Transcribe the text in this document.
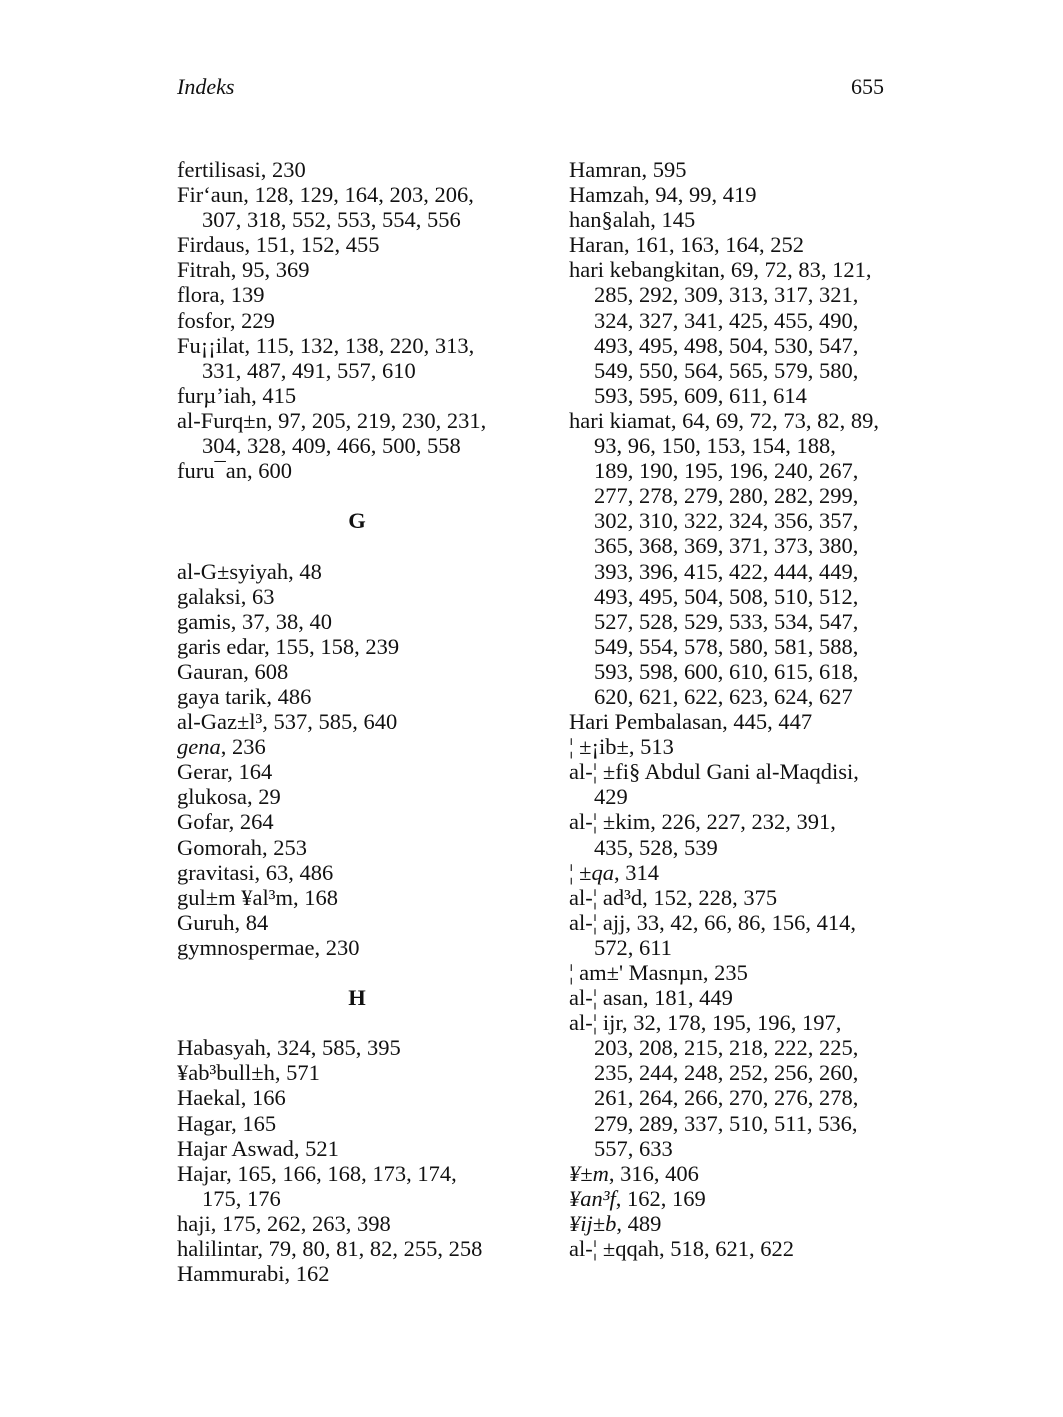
Indeks	655
fertilisasi, 230
Fir‘aun, 128, 129, 164, 203, 206,
307, 318, 552, 553, 554, 556
Firdaus, 151, 152, 455
Fitrah, 95, 369
flora, 139
fosfor, 229
Fu¡¡ilat, 115, 132, 138, 220, 313,
331, 487, 491, 557, 610
furµ’iah, 415
al-Furq±n, 97, 205, 219, 230, 231,
304, 328, 409, 466, 500, 558
furu¯an, 600
G
al-G±syiyah, 48
galaksi, 63
gamis, 37, 38, 40
garis edar, 155, 158, 239
Gauran, 608
gaya tarik, 486
al-Gaz±l³, 537, 585, 640
gena, 236
Gerar, 164
glukosa, 29
Gofar, 264
Gomorah, 253
gravitasi, 63, 486
gul±m ¥al³m, 168
Guruh, 84
gymnospermae, 230
H
Habasyah, 324, 585, 395
¥ab³bull±h, 571
Haekal, 166
Hagar, 165
Hajar Aswad, 521
Hajar, 165, 166, 168, 173, 174,
175, 176
haji, 175, 262, 263, 398
halilintar, 79, 80, 81, 82, 255, 258
Hammurabi, 162
Hamran, 595
Hamzah, 94, 99, 419
han§alah, 145
Haran, 161, 163, 164, 252
hari kebangkitan, 69, 72, 83, 121,
285, 292, 309, 313, 317, 321,
324, 327, 341, 425, 455, 490,
493, 495, 498, 504, 530, 547,
549, 550, 564, 565, 579, 580,
593, 595, 609, 611, 614
hari kiamat, 64, 69, 72, 73, 82, 89,
93, 96, 150, 153, 154, 188,
189, 190, 195, 196, 240, 267,
277, 278, 279, 280, 282, 299,
302, 310, 322, 324, 356, 357,
365, 368, 369, 371, 373, 380,
393, 396, 415, 422, 444, 449,
493, 495, 504, 508, 510, 512,
527, 528, 529, 533, 534, 547,
549, 554, 578, 580, 581, 588,
593, 598, 600, 610, 615, 618,
620, 621, 622, 623, 624, 627
Hari Pembalasan, 445, 447
¦ ±¡ib±, 513
al-¦ ±fi§ Abdul Gani al-Maqdisi,
429
al-¦ ±kim, 226, 227, 232, 391,
435, 528, 539
¦ ±qa, 314
al-¦ ad³d, 152, 228, 375
al-¦ ajj, 33, 42, 66, 86, 156, 414,
572, 611
¦ am±' Masnµn, 235
al-¦ asan, 181, 449
al-¦ ijr, 32, 178, 195, 196, 197,
203, 208, 215, 218, 222, 225,
235, 244, 248, 252, 256, 260,
261, 264, 266, 270, 276, 278,
279, 289, 337, 510, 511, 536,
557, 633
¥±m, 316, 406
¥an³f, 162, 169
¥ij±b, 489
al-¦ ±qqah, 518, 621, 622
